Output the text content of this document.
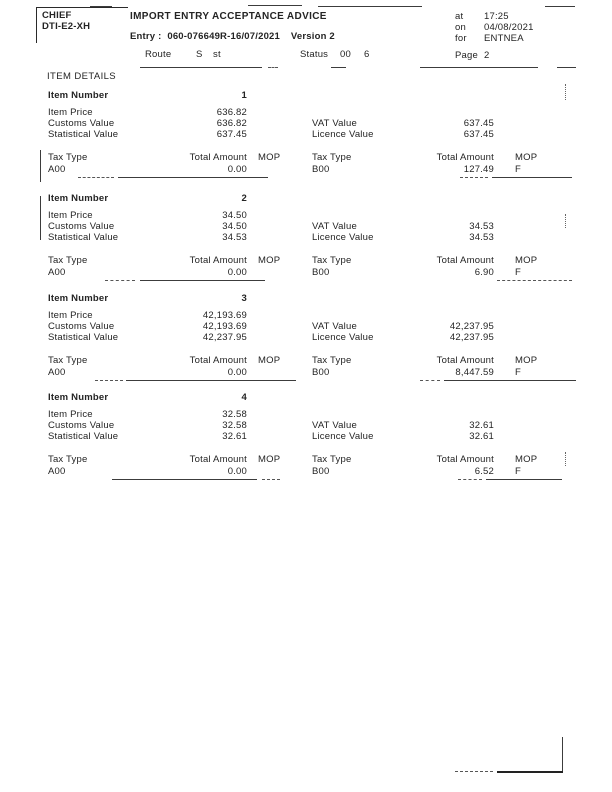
CHIEF
DTI-E2-XH
IMPORT ENTRY ACCEPTANCE ADVICE
Entry : 060-076649R-16/07/2021 Version 2
Route	S st	Status 00 6
at 17:25
on 04/08/2021
for ENTNEA
Page 2
ITEM DETAILS
Item Number	1
Item Price	636.82
Customs Value	636.82	VAT Value	637.45
Statistical Value	637.45	Licence Value	637.45
Tax Type	Total Amount MOP	Tax Type	Total Amount MOP
A00	0.00	B00	127.49 F
Item Number	2
Item Price	34.50
Customs Value	34.50	VAT Value	34.53
Statistical Value	34.53	Licence Value	34.53
Tax Type	Total Amount MOP	Tax Type	Total Amount MOP
A00	0.00	B00	6.90 F
Item Number	3
Item Price	42,193.69
Customs Value	42,193.69	VAT Value	42,237.95
Statistical Value	42,237.95	Licence Value	42,237.95
Tax Type	Total Amount MOP	Tax Type	Total Amount MOP
A00	0.00	B00	8,447.59 F
Item Number	4
Item Price	32.58
Customs Value	32.58	VAT Value	32.61
Statistical Value	32.61	Licence Value	32.61
Tax Type	Total Amount MOP	Tax Type	Total Amount MOP
A00	0.00	B00	6.52 F
